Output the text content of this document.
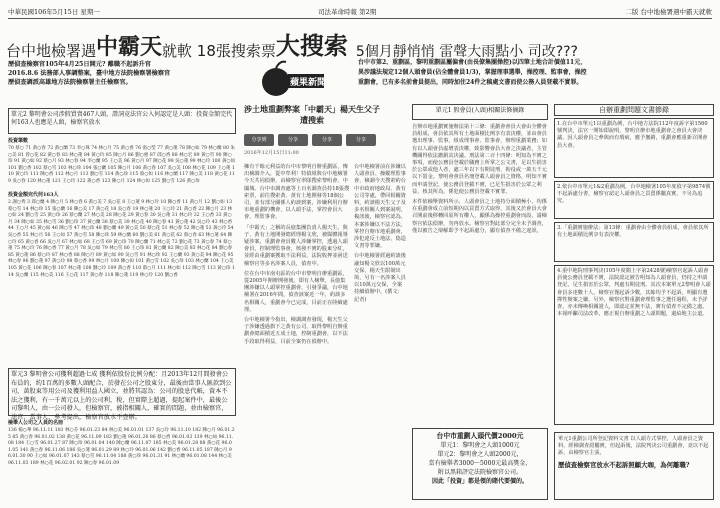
中華民國106年5月15日 星期一	司法革命時報 第2期	二版 台中地檢署遇中霸天就軟
台中地檢署遇中霸天就軟 18張搜索票大搜索 5個月靜悄悄 雷聲大雨點小 司改???
歷偵查檢察官105年4月25日開元? 離職不起訴升官
2016.8.6 法務部人事調整案，臺中地方法院檢察署檢察官
歷偵查調派高雄地方法院檢察署主任檢察官。	蘋果新聞
台中市第2、重劃區，黎明重劃區屬偏會(由長僚集團操控)以四筆土地合計價值11元，
異涉議法規定12個人頭會員(佔全體會員1/3)，掌握理事選舉，操控理、監事會，操控
重劃會，已有多名前會員提出，同時加住24件之稿處文書而使公務人員登載不實罪。
單元2 黎明會公司涉假買賣467人頭，證詞竟法官公入何認定是人頭：投資金額完代何163人也應是人頭，檢察官放水
投資筆數
70 蔡○ 71 黃○春 72 黃○蘭 73 李○珠 74 林○月 75 黃○香 76 張○瑩 77 黃○蓮 78 陳○如 79 林○蘭 80 朱○美 81 曾○花 82 黃○春 83 林○蓮 84 黃○玲 85 陳○月 86 劉○惠 87 邱○香 88 林○宏 89 黃○雪 90 陳○珍 91 黃○如 92 蔡○月 93 林○春 94 李○蘭 95 王○美 96 黃○月 97 陳○花 98 吳○蓮 99 林○玲 100 黃○如 101 劉○香 102 蔡○雪 103 林○珍 104 張○蘭 105 陳○月 106 黃○春 107 吳○美 108 林○花 109 王○蓮 110 黃○玲 111 陳○香 112 林○月 113 劉○雪 114 黃○珍 115 蔡○如 116 林○蘭 117 陳○美 118 黃○花 119 吳○春 120 林○蓮 121 王○玲 122 黃○香 123 陳○月 124 林○如 125 劉○雪 126 黃○珍
投資金額完代何163人
2 謝○秀 3 邱○蘭 4 陳○月 5 林○春 6 黃○美 7 吳○花 8 王○蓮 9 林○玲 10 陳○香 11 黃○月 12 劉○如 13 蔡○雪 14 林○珍 15 張○蘭 16 陳○美 17 黃○花 18 吳○春 19 林○蓮 20 王○玲 21 黃○香 22 陳○月 23 林○如 24 劉○雪 25 黃○珍 26 蔡○蘭 27 林○美 28 陳○花 29 黃○春 30 吳○蓮 31 林○玲 32 王○香 33 黃○月 34 陳○如 35 林○雪 36 劉○珍 37 黃○蘭 38 蔡○美 39 林○花 40 陳○春 41 黃○蓮 42 吳○玲 43 林○香 44 王○月 45 黃○如 46 陳○雪 47 林○珍 48 劉○蘭 49 黃○美 50 蔡○花 51 林○春 52 陳○蓮 53 黃○玲 54 吳○香 55 林○月 56 王○如 57 黃○雪 58 陳○珍 59 林○蘭 60 劉○美 61 黃○花 62 蔡○春 63 林○蓮 64 陳○玲 65 黃○香 66 吳○月 67 林○如 68 王○雪 69 黃○珍 70 陳○蘭 71 林○美 72 劉○花 73 黃○春 74 蔡○蓮 75 林○玲 76 陳○香 77 黃○月 78 吳○如 79 林○雪 80 王○珍 81 黃○蘭 82 陳○美 83 林○花 84 劉○春 85 黃○蓮 86 蔡○玲 87 林○香 88 陳○月 89 黃○如 90 吳○雪 91 林○珍 92 王○蘭 93 黃○美 94 陳○花 95 林○春 96 劉○蓮 97 黃○玲 98 蔡○香 99 林○月 100 陳○如 101 黃○雪 102 吳○珍 103 林○蘭 104 王○美 105 黃○花 106 陳○春 107 林○蓮 108 劉○玲 109 黃○香 110 蔡○月 111 林○如 112 陳○雪 113 黃○珍 114 吳○蘭 115 林○美 116 王○花 117 黃○春 118 陳○蓮 119 林○玲 120 劉○香
單元3 黎明會公司獲利超過七成 獲利依股份比例分配：且2013年12月間發會公布員的，約1百萬的多數人頭配合，於發在公司之股東分，最後由當事人匯款到公司，黃股東等用公司及獲利用益人國立，並將其認為：公司的股息代帳，資本不法之獲利，有一千萬元以上的公司利，稅，但實際上超過，提起案件中，最後公司黎明人，由一公司發人，但檢察官，被指相關人，確實的問題，並由檢察官，法官，當事人，參考提出，檢察官放水不查辦。
檢舉人公司之人員的名冊
136 楊○華 96.11.11 181 林○芬 96.01.23 84 林○美 96.01.01 137 吳○玲 96.11.10 182 陳○月 96.01.25 85 黃○春 96.01.02 138 黃○花 96.11.09 183 劉○蓮 96.01.26 86 蔡○香 96.01.03 139 林○如 96.11.08 184 王○雪 96.01.27 87 陳○珍 96.01.04 140 陳○蘭 96.11.07 185 林○美 96.01.28 88 黃○花 96.01.05 141 黃○春 96.11.06 186 吳○蓮 96.01.29 89 林○玲 96.01.06 142 劉○香 96.11.05 187 陳○月 96.01.30 90 王○如 96.01.07 143 蔡○雪 96.11.04 188 黃○珍 96.01.31 91 林○蘭 96.01.08 144 林○美 96.11.03 189 林○花 96.02.01 92 陳○春 96.01.09
涉土地重劃弊案 「中霸天」楊天生父子遭搜索
分享到	分享	分享	分享
2016年12月15日11:00

擁有千餘元利益的台中市黎明自辦重劃區，傳出檢調介入，從中牟利！特偵組與台中地檢署今天共同偵辦，由檢察官率隊搜索黎明會，中國城、台中市調查處等上百名調查員持18張搜索票，前往搜索黃、黃有土地開發等18個公司，並有部分關係人約談到案，涉嫌利用自辦市地重劃的機會，以人頭手法，掌控會員大會、理監事會。

「中霸天」之稱的長億集團負責人楊天生，與子、黃有土地開發總經理楊文欣，被媒體報導疑涉案，重劃會會員數人涉嫌掌控，透過人頭會員，控制理監事會，核發不實的股東分紅，並經由重劃案獲取不法利益，法院收押並函送檢察官等多名涉案人員，偵查中。

位在台中市南屯區的台中市黎明自辦重劃區，從2005年開辦開發後，即有人檢舉，長億集團涉嫌以人頭掌控重劃會，引發爭議，台中地檢署在2016年間，偵查該案近一年，約談多名相關人，重劃會今已完成，目前正在陸續處理。

台中地檢署今指出，檢調調查發現，楊天生父子涉嫌透過旗下之黃有公司，取得黎明自辦重劃會總面積近五成土地，控制重劃會，以不法手段取得利益，目前全案仍在偵辦中。

台中地檢署前在涉嫌以人頭會員、操縱理監事會，檢調今天搜索約台中市政府地政局、黃有公司等處，帶回相關資料，約談楊天生父子及多名相關人到案說明，複訊後，檢察官認為，本案涉嫌以不法方法，掌控自辦市地重劃會，涉犯違反土地法、偽造文書等罪嫌。

台中地檢署經過約談後諭知楊文欣以100萬元交保，楊天生限制出境，另有一名涉案人員以10萬元交保，全案持續偵辦中。(撰文：記者)

單元1 假會員(人頭)相關法條摘錄

自辦市地重劃實施辦法第十三條：重劃會會員大會由全體會員組成，會員依其所有土地面積比例享有表決權，並由會員選出理事、監事，組成理事會、監事會，辦理重劃業務；如有以人頭會員虛增表決權，致影響會員大會之決議者，主管機關得依法撤銷其決議。刑法第二百十四條：明知為不實之事項，而使公務員登載於職務上所掌之公文書，足以生損害於公眾或他人者，處三年以下有期徒刑、拘役或一萬五千元以下罰金。黎明會會員名冊登載人頭會員之資格，明知不實而申請登記，使公務員登載不實，已足生損害於公眾之利益，核其所為，係犯使公務員登載不實罪。

本件依檢舉資料所示，人頭會員之土地持分面積極小，均係在重劃會成立前短期內以買賣方式取得，其後又於會員大會召開前後移轉回原所有權人，顯係為操控重劃會而設，請檢察官依法偵辦，勿再放水。檢察官對此部分完全未予調查，僅以被告之辯解即予不起訴處分，顯有偵查不備之違誤。

台中市重劃人頭代價2000元
單元1：黎明會之人頭1000元
單元2：黎明會之人頭2000元，
當有檢舉者3000～5000元最高獎金，
附以黑箱評定法院檢察官公司。
因此「投資」都是領的賭代要價的。
自辦重劃問題文書節錄
1.在台中市單元1以重劃為例，台中地方法院112年度訴字第1560號判決，法官一開始即說明，黎明自辦市地重劃會之會員大會決議，因人頭會員之參與而有瑕疵，應予撤銷，重劃會應重新召開會員大會。
2.依台中市單元1&2重劃為例，台中地檢署105年度偵字第9874號不起訴處分書，檢察官認定人頭會員之買賣係屬真實，不另為追究。
3.「重劃實施辦法」第13條：重劃會由全體會員組成，會員依其所有土地面積比例享有表決權。
4.重中地院刑事判決(105年度簡上字第2428號)檢察官起訴人頭會員使公務員登載不實，法院認定被告明知為人頭會員，仍持之申請登記，足生損害於公眾，判處有期徒刑。其次本案單元2黎明會人頭會員多達數十人，檢察官僅起訴少數，其餘均予不起訴，明顯有選擇性辦案之嫌。另外，檢察官對重劃會理監事之選任過程，未予詳查，亦未傳喚相關證人，即認定並無不法，實有偵查不完備之處。本報呼籲司法改革，應正視自辦重劃之人頭問題，還給地主公道。
單元1重劃公司所登記資料文書 以人頭方式掌控，人頭會員之資料，經檢調查證屬實，但起訴後，法院判決公司重劃會，竟以不起訴，由檢察官主張，
歷偵查檢察官放水不起訴照顧大咖，為何離職?
